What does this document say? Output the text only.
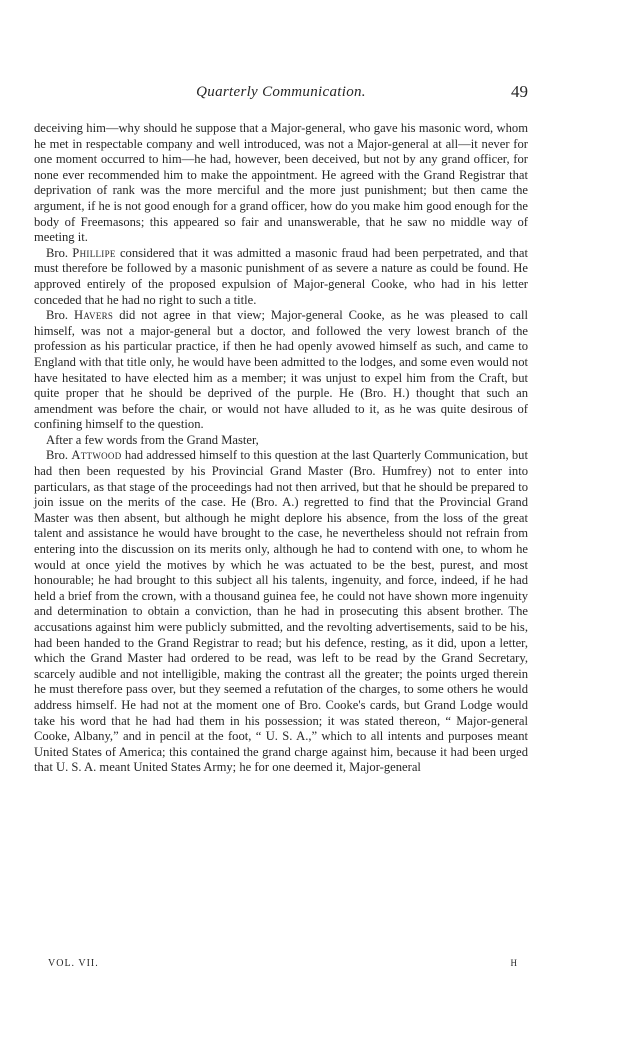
Quarterly Communication.	49

deceiving him—why should he suppose that a Major-general, who gave his masonic word, whom he met in respectable company and well introduced, was not a Major-general at all—it never for one moment occurred to him—he had, however, been deceived, but not by any grand officer, for none ever recommended him to make the appointment. He agreed with the Grand Registrar that deprivation of rank was the more merciful and the more just punishment; but then came the argument, if he is not good enough for a grand officer, how do you make him good enough for the body of Freemasons; this appeared so fair and unanswerable, that he saw no middle way of meeting it.

Bro. Phillipe considered that it was admitted a masonic fraud had been perpetrated, and that must therefore be followed by a masonic punishment of as severe a nature as could be found. He approved entirely of the proposed expulsion of Major-general Cooke, who had in his letter conceded that he had no right to such a title.

Bro. Havers did not agree in that view; Major-general Cooke, as he was pleased to call himself, was not a major-general but a doctor, and followed the very lowest branch of the profession as his particular practice, if then he had openly avowed himself as such, and came to England with that title only, he would have been admitted to the lodges, and some even would not have hesitated to have elected him as a member; it was unjust to expel him from the Craft, but quite proper that he should be deprived of the purple. He (Bro. H.) thought that such an amendment was before the chair, or would not have alluded to it, as he was quite desirous of confining himself to the question.

After a few words from the Grand Master,

Bro. Attwood had addressed himself to this question at the last Quarterly Communication, but had then been requested by his Provincial Grand Master (Bro. Humfrey) not to enter into particulars, as that stage of the proceedings had not then arrived, but that he should be prepared to join issue on the merits of the case. He (Bro. A.) regretted to find that the Provincial Grand Master was then absent, but although he might deplore his absence, from the loss of the great talent and assistance he would have brought to the case, he nevertheless should not refrain from entering into the discussion on its merits only, although he had to contend with one, to whom he would at once yield the motives by which he was actuated to be the best, purest, and most honourable; he had brought to this subject all his talents, ingenuity, and force, indeed, if he had held a brief from the crown, with a thousand guinea fee, he could not have shown more ingenuity and determination to obtain a conviction, than he had in prosecuting this absent brother. The accusations against him were publicly submitted, and the revolting advertisements, said to be his, had been handed to the Grand Registrar to read; but his defence, resting, as it did, upon a letter, which the Grand Master had ordered to be read, was left to be read by the Grand Secretary, scarcely audible and not intelligible, making the contrast all the greater; the points urged therein he must therefore pass over, but they seemed a refutation of the charges, to some others he would address himself. He had not at the moment one of Bro. Cooke's cards, but Grand Lodge would take his word that he had had them in his possession; it was stated thereon, “ Major-general Cooke, Albany,” and in pencil at the foot, “ U. S. A.,” which to all intents and purposes meant United States of America; this contained the grand charge against him, because it had been urged that U. S. A. meant United States Army; he for one deemed it, Major-general

VOL. VII.	H
